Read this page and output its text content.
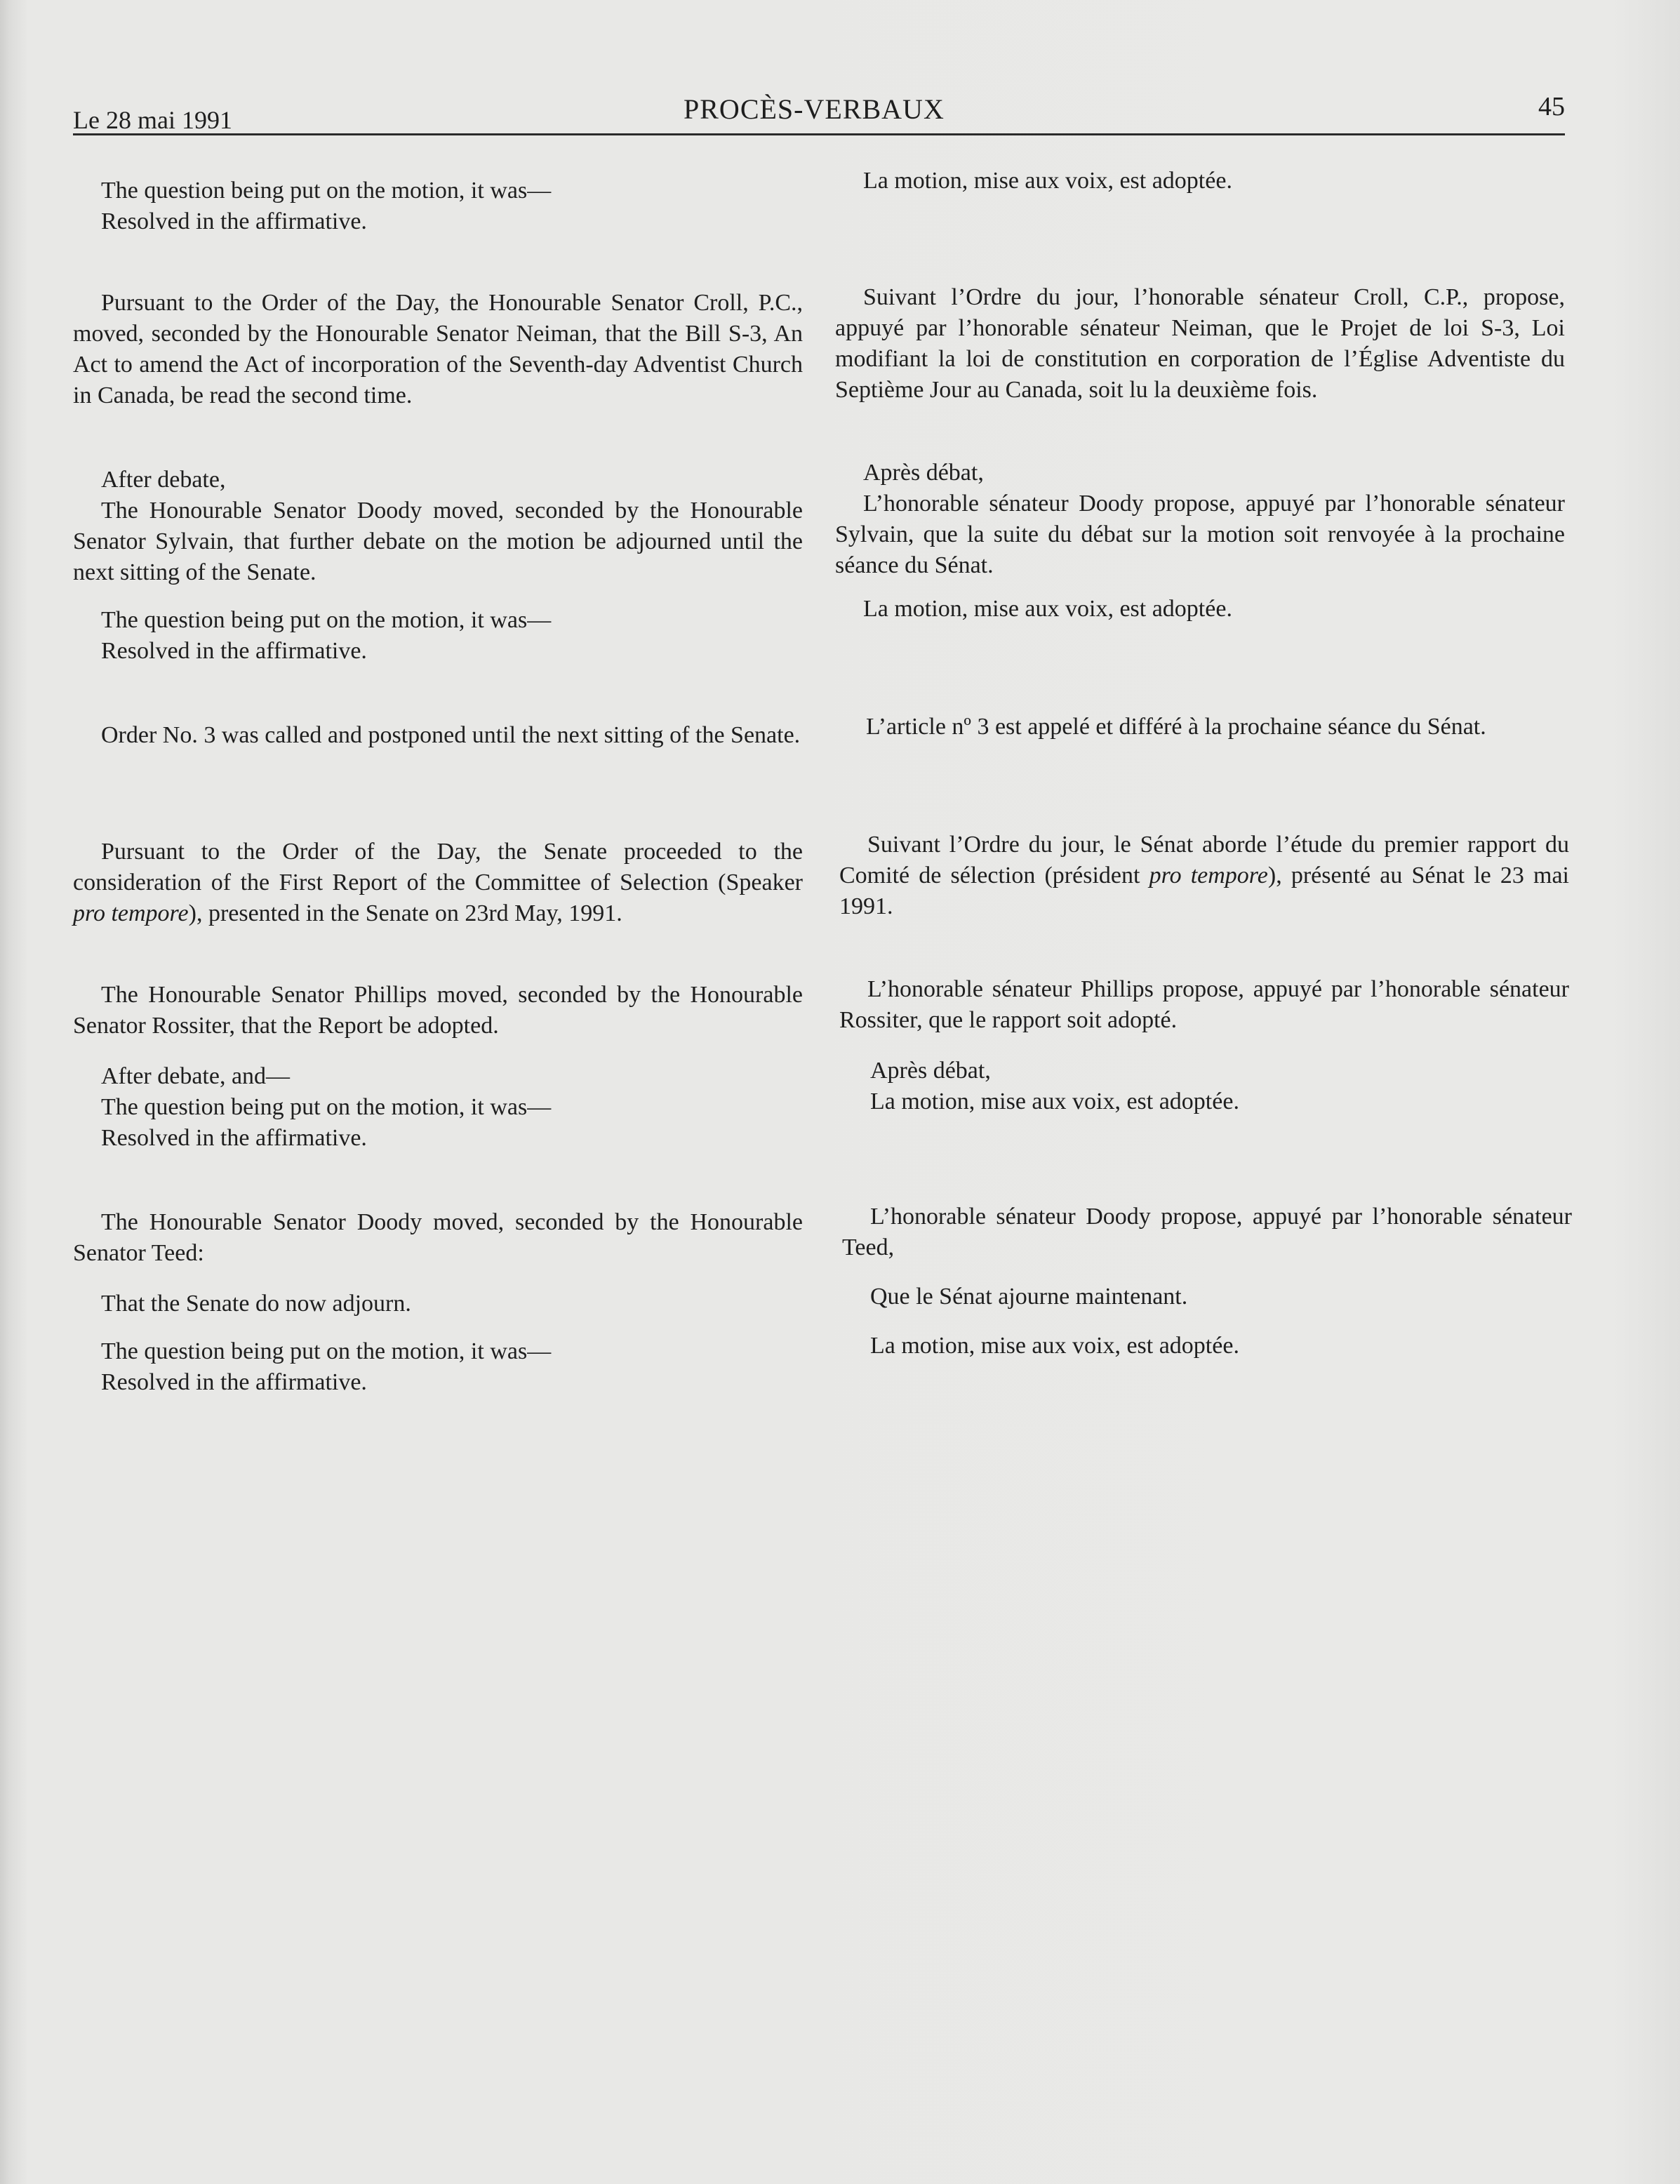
Le 28 mai 1991	PROCÈS-VERBAUX	45
The question being put on the motion, it was—
Resolved in the affirmative.

Pursuant to the Order of the Day, the Honourable Senator Croll, P.C., moved, seconded by the Honourable Senator Neiman, that the Bill S-3, An Act to amend the Act of incorporation of the Seventh-day Adventist Church in Canada, be read the second time.

After debate,

The Honourable Senator Doody moved, seconded by the Honourable Senator Sylvain, that further debate on the motion be adjourned until the next sitting of the Senate.

The question being put on the motion, it was—
Resolved in the affirmative.

Order No. 3 was called and postponed until the next sitting of the Senate.

Pursuant to the Order of the Day, the Senate proceeded to the consideration of the First Report of the Committee of Selection (Speaker pro tempore), presented in the Senate on 23rd May, 1991.

The Honourable Senator Phillips moved, seconded by the Honourable Senator Rossiter, that the Report be adopted.

After debate, and—
The question being put on the motion, it was—
Resolved in the affirmative.

The Honourable Senator Doody moved, seconded by the Honourable Senator Teed:

That the Senate do now adjourn.
The question being put on the motion, it was—
Resolved in the affirmative.
La motion, mise aux voix, est adoptée.

Suivant l’Ordre du jour, l’honorable sénateur Croll, C.P., propose, appuyé par l’honorable sénateur Neiman, que le Projet de loi S-3, Loi modifiant la loi de constitution en corporation de l’Église Adventiste du Septième Jour au Canada, soit lu la deuxième fois.

Après débat,

L’honorable sénateur Doody propose, appuyé par l’honorable sénateur Sylvain, que la suite du débat sur la motion soit renvoyée à la prochaine séance du Sénat.

La motion, mise aux voix, est adoptée.

L’article nº 3 est appelé et différé à la prochaine séance du Sénat.

Suivant l’Ordre du jour, le Sénat aborde l’étude du premier rapport du Comité de sélection (président pro tempore), présenté au Sénat le 23 mai 1991.

L’honorable sénateur Phillips propose, appuyé par l’honorable sénateur Rossiter, que le rapport soit adopté.

Après débat,
La motion, mise aux voix, est adoptée.

L’honorable sénateur Doody propose, appuyé par l’honorable sénateur Teed,

Que le Sénat ajourne maintenant.
La motion, mise aux voix, est adoptée.
